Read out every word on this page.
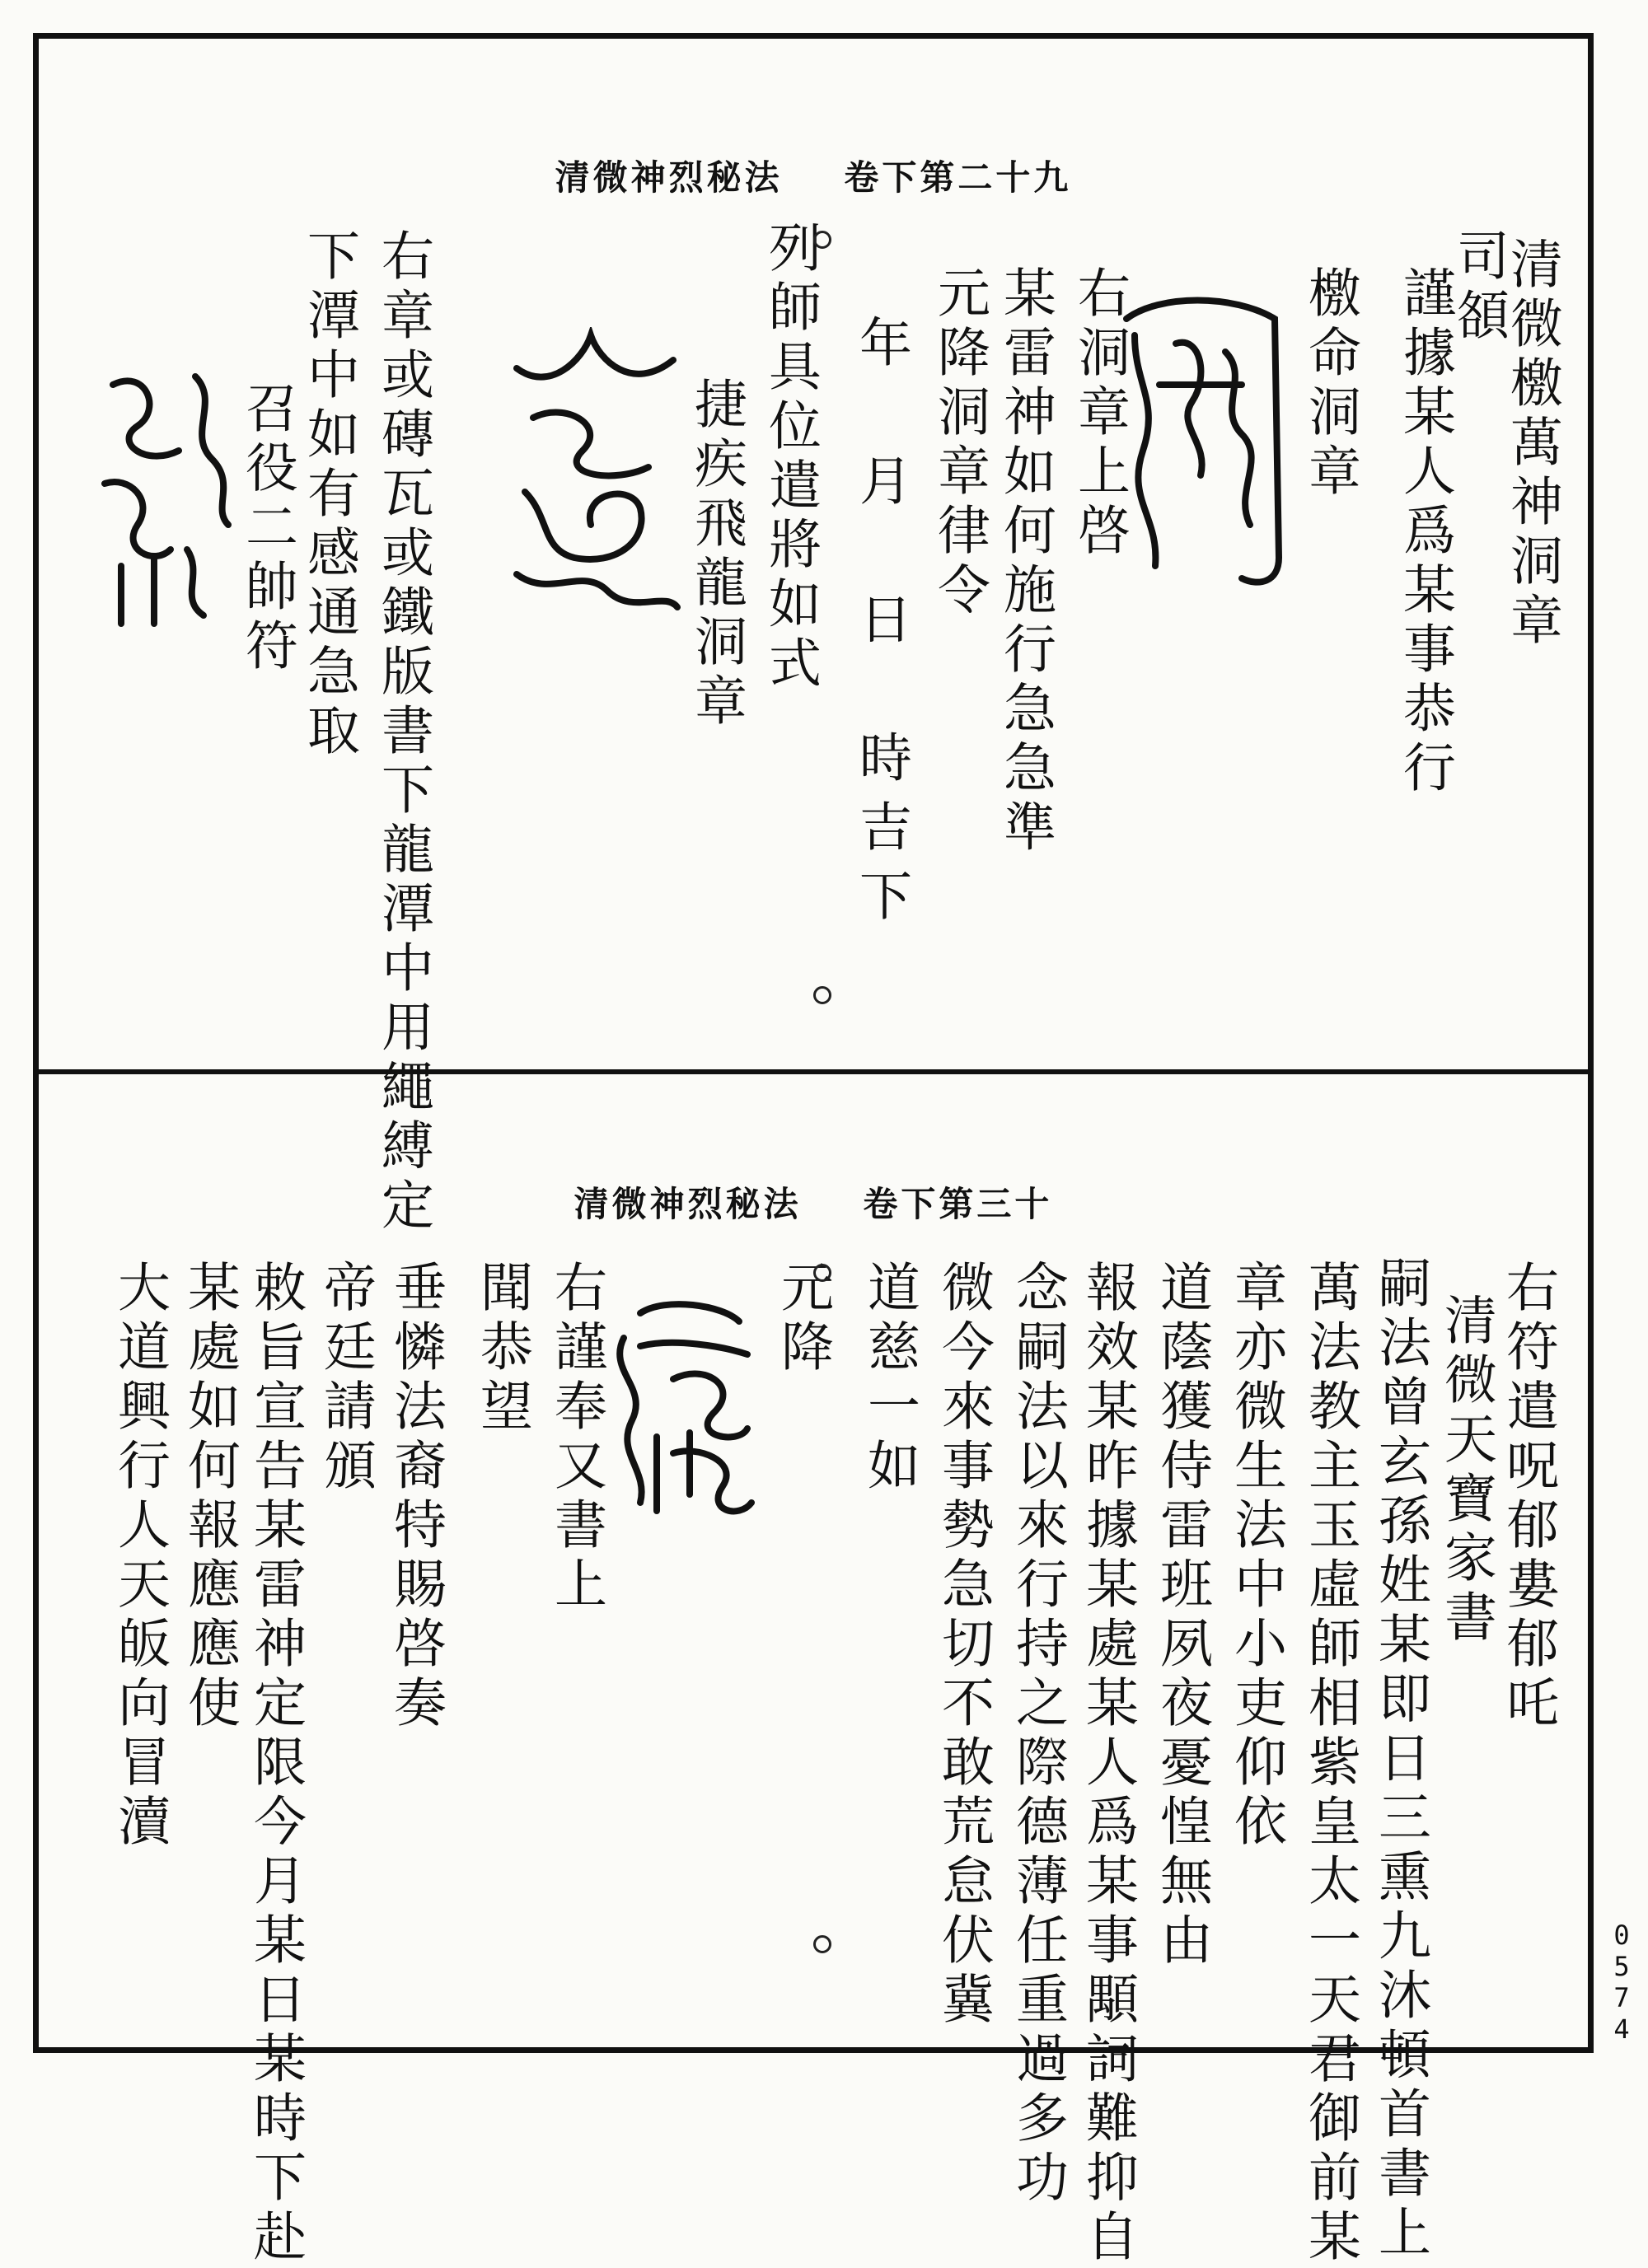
清微神烈秘法 卷下第二十九
清微檄萬神洞章
司頟
謹據某人爲某事恭行
檄命洞章
右洞章上啓
某雷神如何施行急急準
元降洞章律令
年　月　日　時吉下
列師具位遣將如式
捷疾飛龍洞章
右章或磚瓦或鐵版書下龍潭中用繩縛定
下潭中如有感通急取
召役二帥符
清微神烈秘法 卷下第三十
右符遣呪郁婁郁吒
清微天寶家書
嗣法曾玄孫姓某即日三熏九沐頓首書上
萬法教主玉虛師相紫皇太一天君御前某
章亦微生法中小吏仰依
道蔭獲侍雷班夙夜憂惶無由
報效某昨據某處某人爲某事顒詞難抑自
念嗣法以來行持之際德薄任重過多功
微今來事勢急切不敢荒怠伏冀
道慈一如
元降
右謹奉又書上
聞恭望
垂憐法裔特賜啓奏
帝廷請頒
敕旨宣告某雷神定限今月某日某時下赴
某處如何報應應使
大道興行人天皈向冒瀆
0
5
7
4
